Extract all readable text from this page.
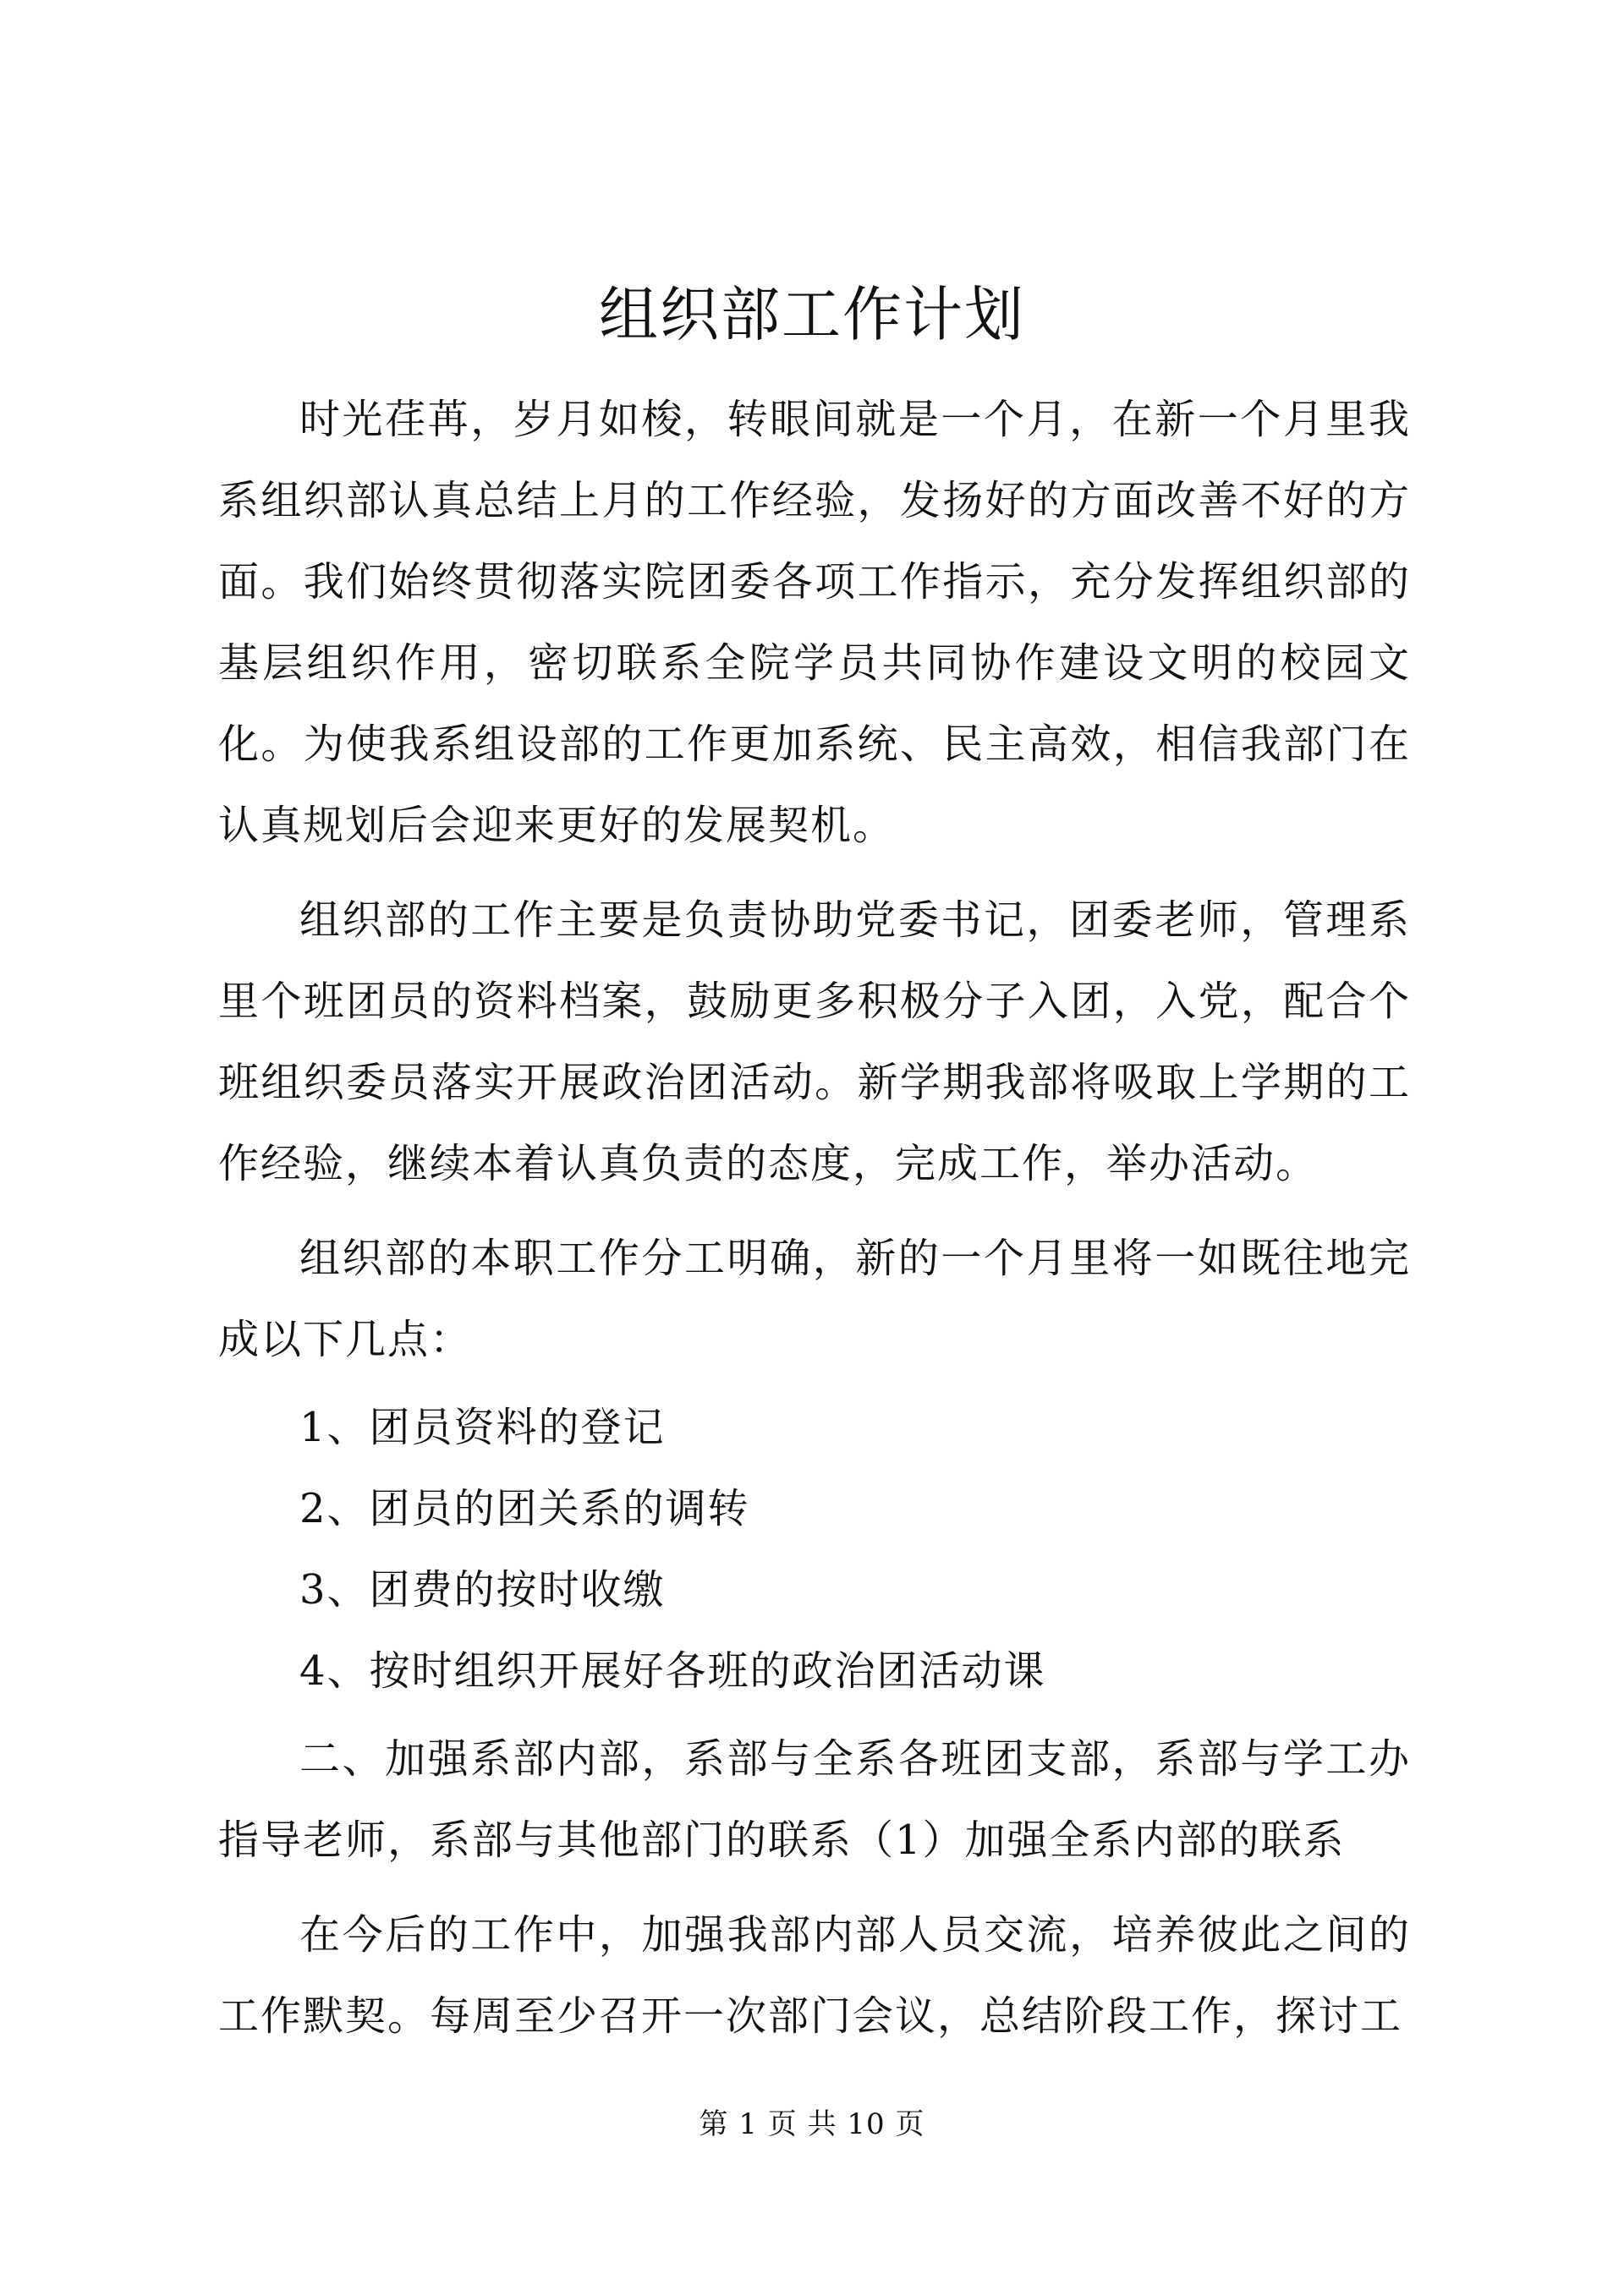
组织部工作计划

时光荏苒，岁月如梭，转眼间就是一个月，在新一个月里我系组织部认真总结上月的工作经验，发扬好的方面改善不好的方面。我们始终贯彻落实院团委各项工作指示，充分发挥组织部的基层组织作用，密切联系全院学员共同协作建设文明的校园文化。为使我系组设部的工作更加系统、民主高效，相信我部门在认真规划后会迎来更好的发展契机。

组织部的工作主要是负责协助党委书记，团委老师，管理系里个班团员的资料档案，鼓励更多积极分子入团，入党，配合个班组织委员落实开展政治团活动。新学期我部将吸取上学期的工作经验，继续本着认真负责的态度，完成工作，举办活动。

组织部的本职工作分工明确，新的一个月里将一如既往地完成以下几点：

1、团员资料的登记
2、团员的团关系的调转
3、团费的按时收缴
4、按时组织开展好各班的政治团活动课

二、加强系部内部，系部与全系各班团支部，系部与学工办指导老师，系部与其他部门的联系（1）加强全系内部的联系

在今后的工作中，加强我部内部人员交流，培养彼此之间的工作默契。每周至少召开一次部门会议，总结阶段工作，探讨工

第 1 页 共 10 页
